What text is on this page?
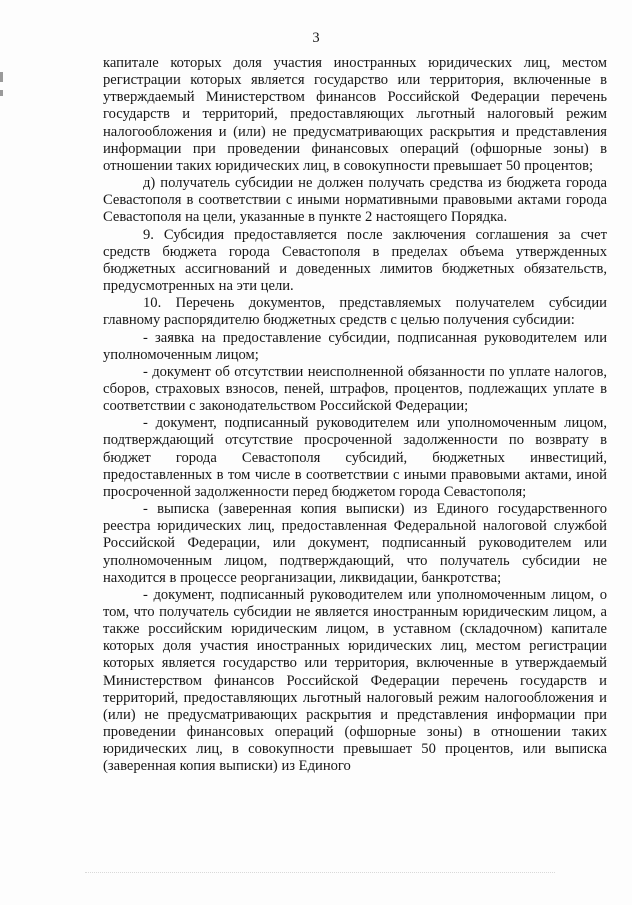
3

капитале которых доля участия иностранных юридических лиц, местом регистрации которых является государство или территория, включенные в утверждаемый Министерством финансов Российской Федерации перечень государств и территорий, предоставляющих льготный налоговый режим налогообложения и (или) не предусматривающих раскрытия и представления информации при проведении финансовых операций (офшорные зоны) в отношении таких юридических лиц, в совокупности превышает 50 процентов;

д) получатель субсидии не должен получать средства из бюджета города Севастополя в соответствии с иными нормативными правовыми актами города Севастополя на цели, указанные в пункте 2 настоящего Порядка.

9. Субсидия предоставляется после заключения соглашения за счет средств бюджета города Севастополя в пределах объема утвержденных бюджетных ассигнований и доведенных лимитов бюджетных обязательств, предусмотренных на эти цели.

10. Перечень документов, представляемых получателем субсидии главному распорядителю бюджетных средств с целью получения субсидии:

- заявка на предоставление субсидии, подписанная руководителем или уполномоченным лицом;

- документ об отсутствии неисполненной обязанности по уплате налогов, сборов, страховых взносов, пеней, штрафов, процентов, подлежащих уплате в соответствии с законодательством Российской Федерации;

- документ, подписанный руководителем или уполномоченным лицом, подтверждающий отсутствие просроченной задолженности по возврату в бюджет города Севастополя субсидий, бюджетных инвестиций, предоставленных в том числе в соответствии с иными правовыми актами, иной просроченной задолженности перед бюджетом города Севастополя;

- выписка (заверенная копия выписки) из Единого государственного реестра юридических лиц, предоставленная Федеральной налоговой службой Российской Федерации, или документ, подписанный руководителем или уполномоченным лицом, подтверждающий, что получатель субсидии не находится в процессе реорганизации, ликвидации, банкротства;

- документ, подписанный руководителем или уполномоченным лицом, о том, что получатель субсидии не является иностранным юридическим лицом, а также российским юридическим лицом, в уставном (складочном) капитале которых доля участия иностранных юридических лиц, местом регистрации которых является государство или территория, включенные в утверждаемый Министерством финансов Российской Федерации перечень государств и территорий, предоставляющих льготный налоговый режим налогообложения и (или) не предусматривающих раскрытия и представления информации при проведении финансовых операций (офшорные зоны) в отношении таких юридических лиц, в совокупности превышает 50 процентов, или выписка (заверенная копия выписки) из Единого
